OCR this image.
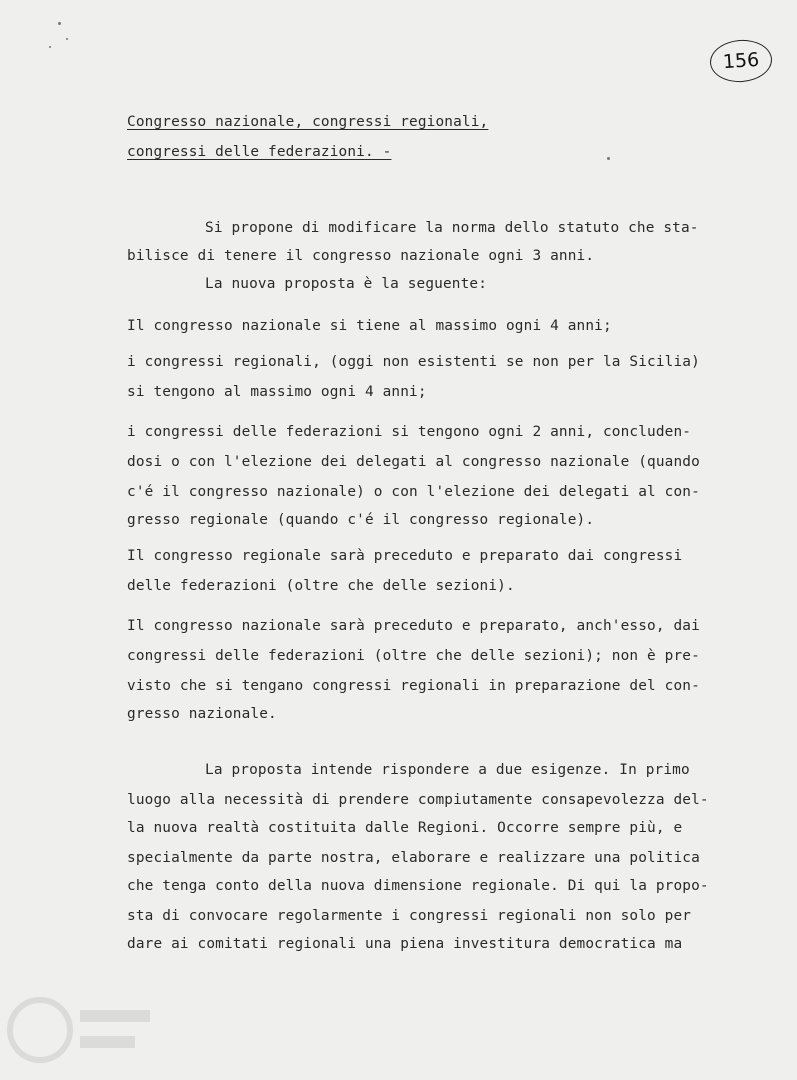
156
Congresso nazionale, congressi regionali,
congressi delle federazioni. -
Si propone di modificare la norma dello statuto che sta-
bilisce di tenere il congresso nazionale ogni 3 anni.
La nuova proposta è la seguente:
Il congresso nazionale si tiene al massimo ogni 4 anni;
i congressi regionali, (oggi non esistenti se non per la Sicilia)
si tengono al massimo ogni 4 anni;
i congressi delle federazioni si tengono ogni 2 anni, concluden-
dosi o con l'elezione dei delegati al congresso nazionale (quando
c'é il congresso nazionale) o con l'elezione dei delegati al con-
gresso regionale (quando c'é il congresso regionale).
Il congresso regionale sarà preceduto e preparato dai congressi
delle federazioni (oltre che delle sezioni).
Il congresso nazionale sarà preceduto e preparato, anch'esso, dai
congressi delle federazioni (oltre che delle sezioni); non è pre-
visto che si tengano congressi regionali in preparazione del con-
gresso nazionale.
La proposta intende rispondere a due esigenze. In primo
luogo alla necessità di prendere compiutamente consapevolezza del-
la nuova realtà costituita dalle Regioni. Occorre sempre più, e
specialmente da parte nostra, elaborare e realizzare una politica
che tenga conto della nuova dimensione regionale. Di qui la propo-
sta di convocare regolarmente i congressi regionali non solo per
dare ai comitati regionali una piena investitura democratica ma
